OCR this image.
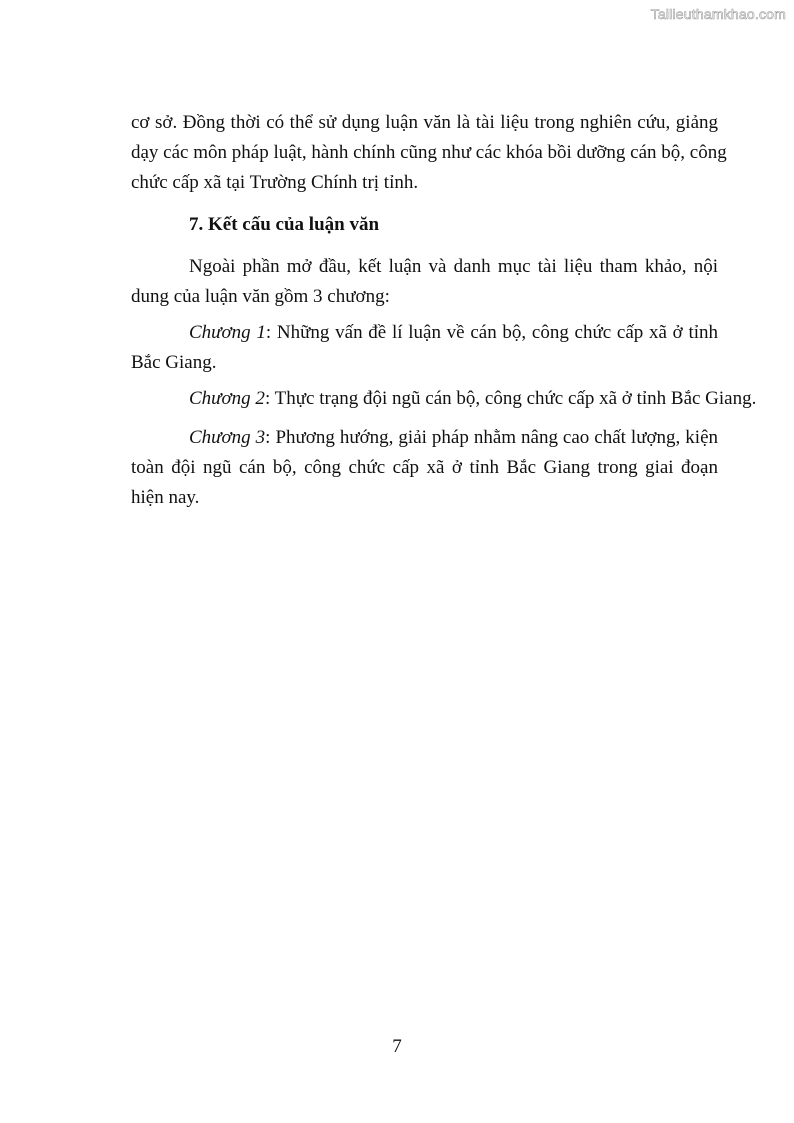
Tailieuthamkhao.com
cơ sở. Đồng thời có thể sử dụng luận văn là tài liệu trong nghiên cứu, giảng
dạy các môn pháp luật, hành chính cũng như các khóa bồi dưỡng cán bộ, công
chức cấp xã tại Trường Chính trị tỉnh.
7. Kết cấu của luận văn
Ngoài phần mở đầu, kết luận và danh mục tài liệu tham khảo, nội
dung của luận văn gồm 3 chương:
Chương 1: Những vấn đề lí luận về cán bộ, công chức cấp xã ở tỉnh
Bắc Giang.
Chương 2: Thực trạng đội ngũ cán bộ, công chức cấp xã ở tỉnh Bắc Giang.
Chương 3: Phương hướng, giải pháp nhằm nâng cao chất lượng, kiện
toàn đội ngũ cán bộ, công chức cấp xã ở tỉnh Bắc Giang trong giai đoạn
hiện nay.
7
